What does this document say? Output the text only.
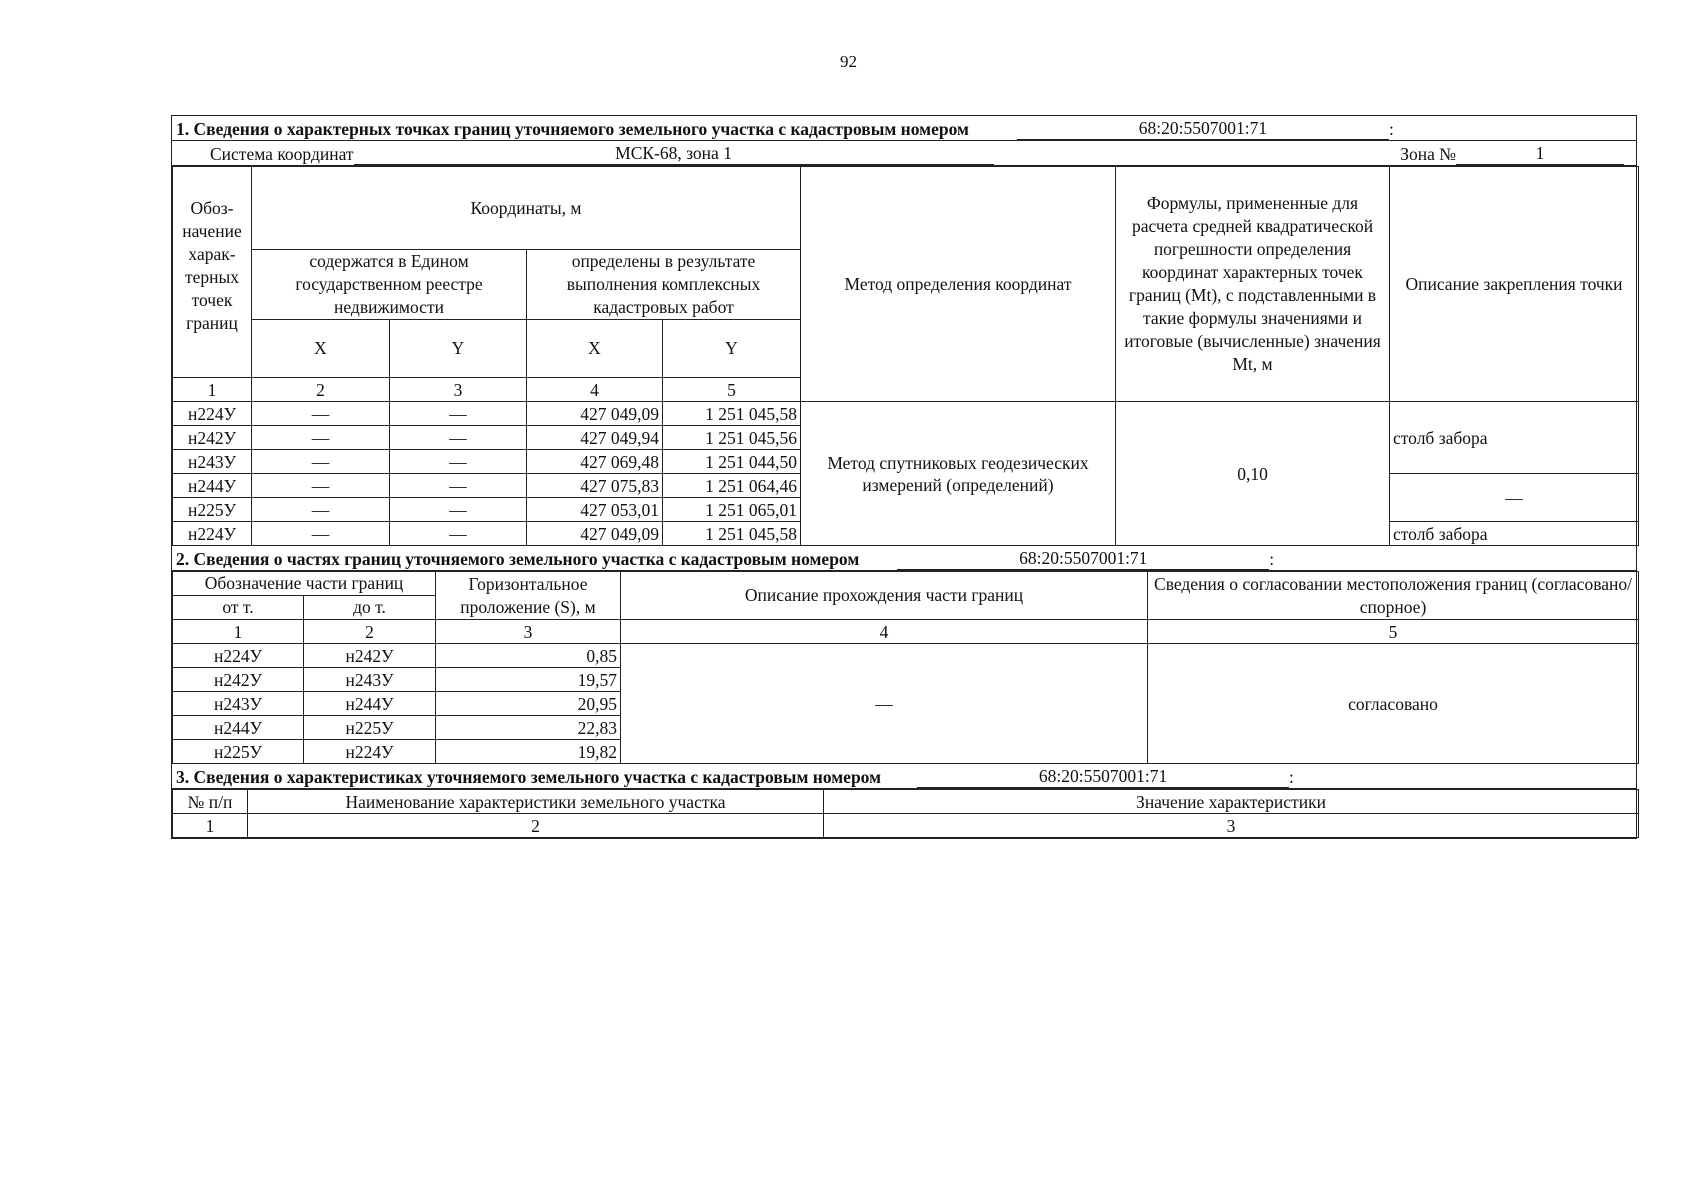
92
1. Сведения о характерных точках границ уточняемого земельного участка с кадастровым номером	68:20:5507001:71	:
Система координат	МСК-68, зона 1	Зона №	1
Обоз-начение харак-терных точек границ	Координаты, м				Метод определения координат	Формулы, примененные для расчета средней квадратической погрешности определения координат характерных точек границ (Mt), с подставленными в такие формулы значениями и итоговые (вычисленные) значения Mt, м	Описание закрепления точки	
	содержатся в Едином государственном реестре недвижимости		определены в результате выполнения комплексных кадастровых работ					
	X	Y	X	Y				
1	2	3	4	5			
н224У	—	—	427 049,09	1 251 045,58	Метод спутниковых геодезических измерений (определений)	0,10	столб забора	
н242У	—	—	427 049,94	1 251 045,56				
н243У	—	—	427 069,48	1 251 044,50				
н244У	—	—	427 075,83	1 251 064,46			—	
н225У	—	—	427 053,01	1 251 065,01				
н224У	—	—	427 049,09	1 251 045,58			столб забора	
2. Сведения о частях границ уточняемого земельного участка с кадастровым номером	68:20:5507001:71	:
Обозначение части границ		Горизонтальное проложение (S), м	Описание прохождения части границ	Сведения о согласовании местоположения границ (согласовано/спорное)
от т.	до т.			
1	2	3	4	5
н224У	н242У	0,85	—	согласовано
н242У	н243У	19,57		
н243У	н244У	20,95		
н244У	н225У	22,83		
н225У	н224У	19,82		
3. Сведения о характеристиках уточняемого земельного участка с кадастровым номером	68:20:5507001:71	:
№ п/п	Наименование характеристики земельного участка	Значение характеристики
1	2	3
